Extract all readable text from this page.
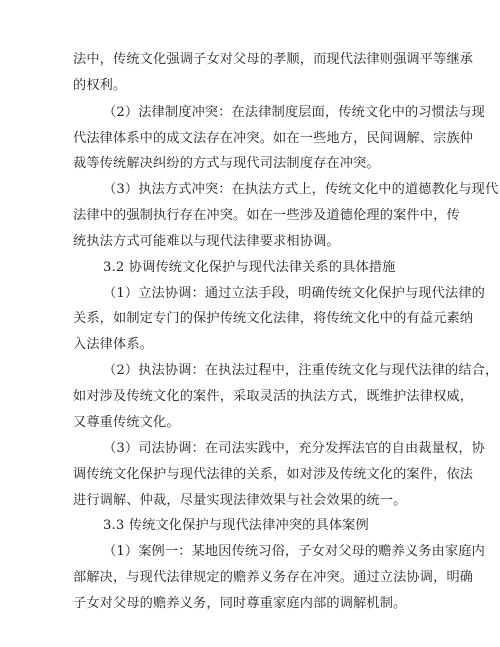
法中，传统文化强调子女对父母的孝顺，而现代法律则强调平等继承
的权利。
（2）法律制度冲突：在法律制度层面，传统文化中的习惯法与现
代法律体系中的成文法存在冲突。如在一些地方，民间调解、宗族仲
裁等传统解决纠纷的方式与现代司法制度存在冲突。
（3）执法方式冲突：在执法方式上，传统文化中的道德教化与现代
法律中的强制执行存在冲突。如在一些涉及道德伦理的案件中，传
统执法方式可能难以与现代法律要求相协调。
3.2 协调传统文化保护与现代法律关系的具体措施
（1）立法协调：通过立法手段，明确传统文化保护与现代法律的
关系，如制定专门的保护传统文化法律，将传统文化中的有益元素纳
入法律体系。
（2）执法协调：在执法过程中，注重传统文化与现代法律的结合，
如对涉及传统文化的案件，采取灵活的执法方式，既维护法律权威，
又尊重传统文化。
（3）司法协调：在司法实践中，充分发挥法官的自由裁量权，协
调传统文化保护与现代法律的关系，如对涉及传统文化的案件，依法
进行调解、仲裁，尽量实现法律效果与社会效果的统一。
3.3 传统文化保护与现代法律冲突的具体案例
（1）案例一：某地因传统习俗，子女对父母的赡养义务由家庭内
部解决，与现代法律规定的赡养义务存在冲突。通过立法协调，明确
子女对父母的赡养义务，同时尊重家庭内部的调解机制。
